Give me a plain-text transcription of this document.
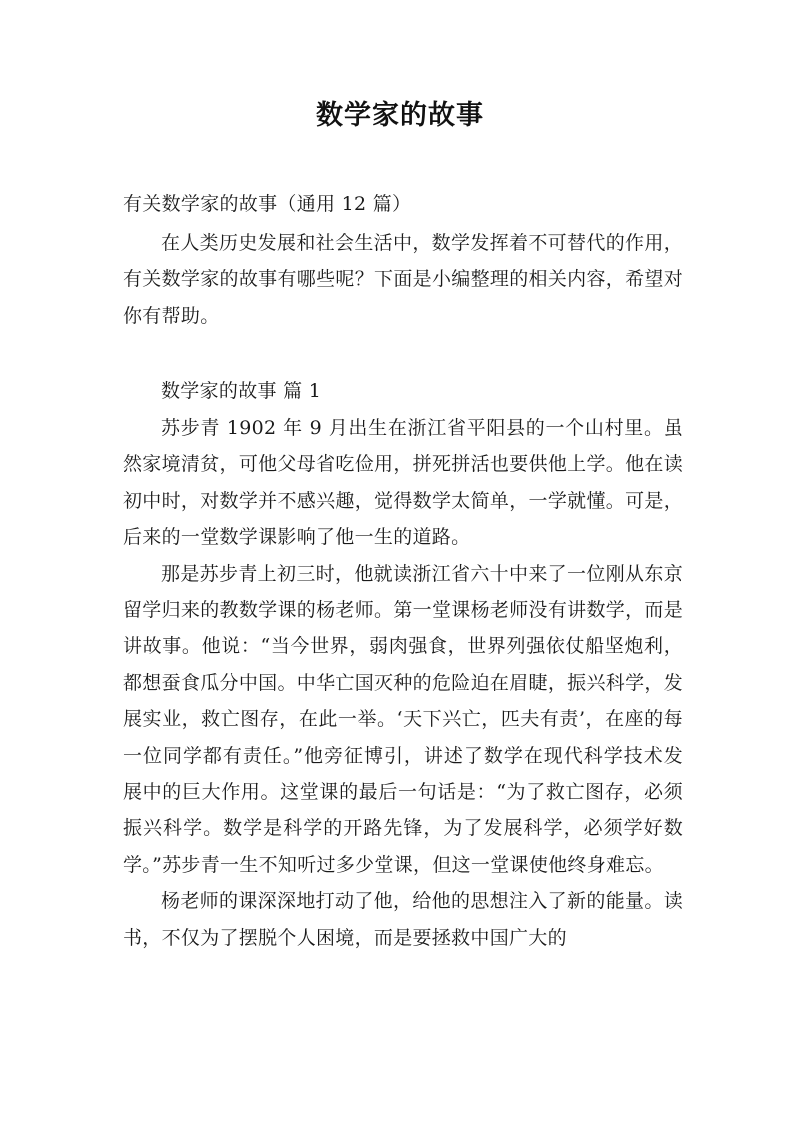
数学家的故事
有关数学家的故事（通用 12 篇）
在人类历史发展和社会生活中，数学发挥着不可替代的作用，有关数学家的故事有哪些呢？下面是小编整理的相关内容，希望对你有帮助。
数学家的故事 篇 1

苏步青 1902 年 9 月出生在浙江省平阳县的一个山村里。虽然家境清贫，可他父母省吃俭用，拼死拼活也要供他上学。他在读初中时，对数学并不感兴趣，觉得数学太简单，一学就懂。可是，后来的一堂数学课影响了他一生的道路。

那是苏步青上初三时，他就读浙江省六十中来了一位刚从东京留学归来的教数学课的杨老师。第一堂课杨老师没有讲数学，而是讲故事。他说：“当今世界，弱肉强食，世界列强依仗船坚炮利，都想蚕食瓜分中国。中华亡国灭种的危险迫在眉睫，振兴科学，发展实业，救亡图存，在此一举。‘天下兴亡，匹夫有责’，在座的每一位同学都有责任。”他旁征博引，讲述了数学在现代科学技术发展中的巨大作用。这堂课的最后一句话是：“为了救亡图存，必须振兴科学。数学是科学的开路先锋，为了发展科学，必须学好数学。”苏步青一生不知听过多少堂课，但这一堂课使他终身难忘。

杨老师的课深深地打动了他，给他的思想注入了新的能量。读书，不仅为了摆脱个人困境，而是要拯救中国广大的
